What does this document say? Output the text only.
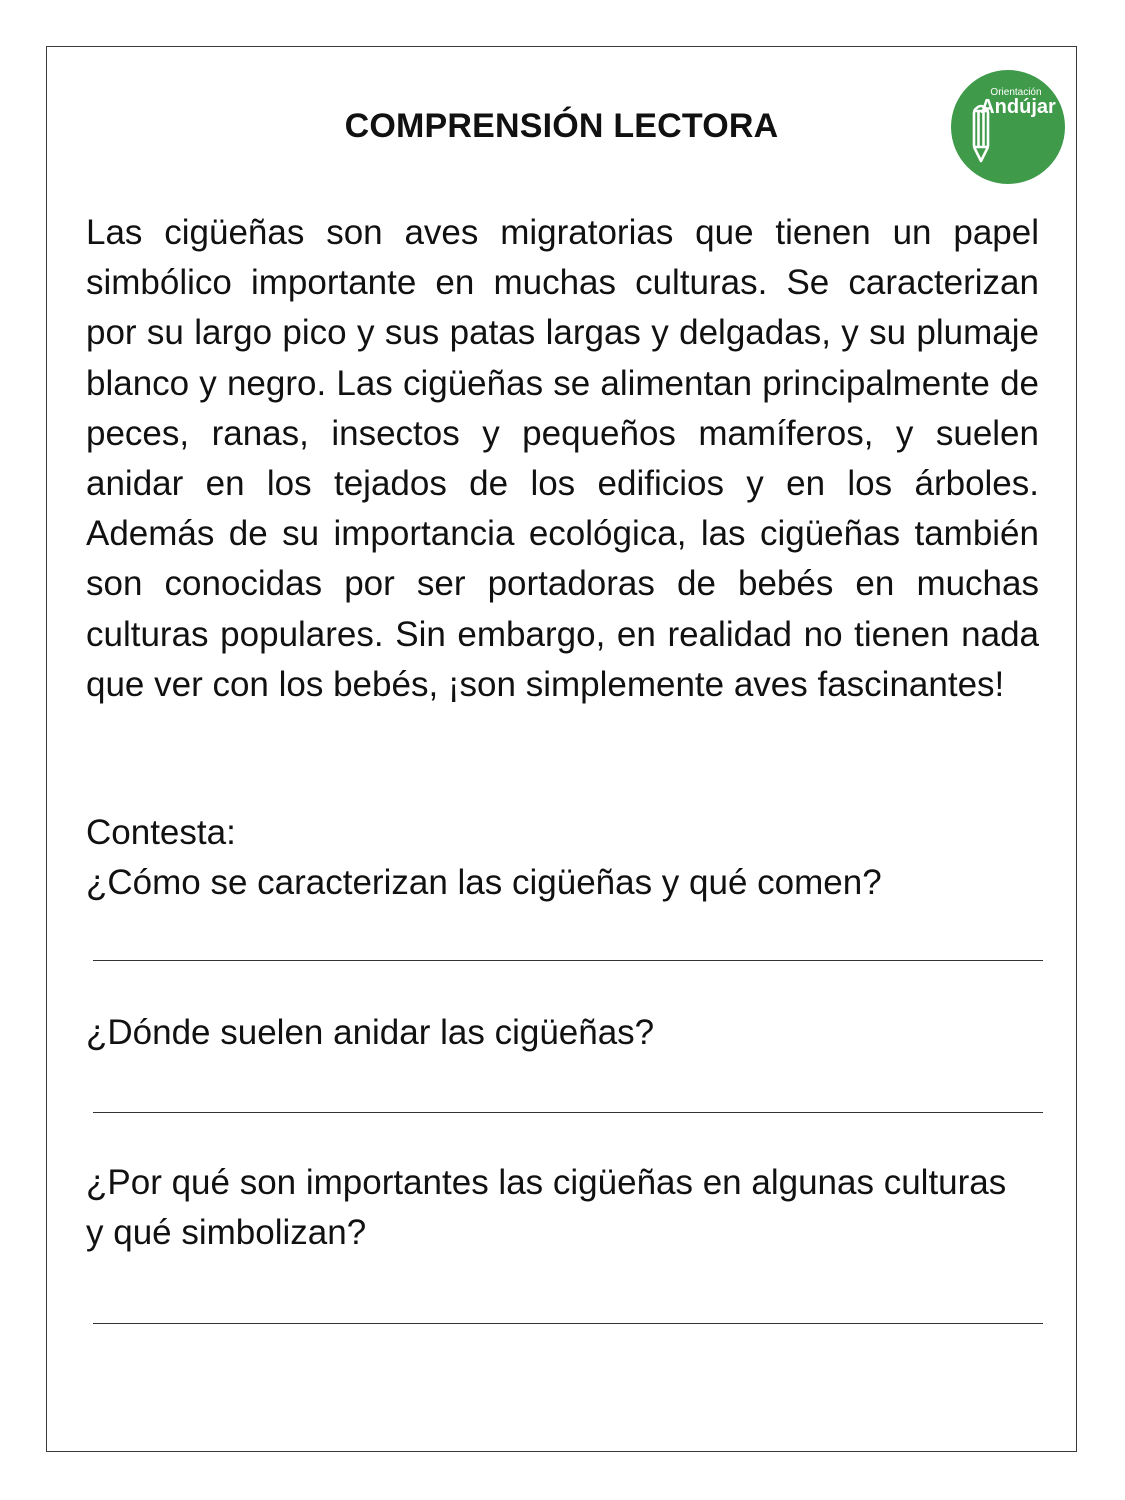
COMPRENSIÓN LECTORA
Orientación
Andújar

Las cigüeñas son aves migratorias que tienen un papel simbólico importante en muchas culturas. Se caracterizan por su largo pico y sus patas largas y delgadas, y su plumaje blanco y negro. Las cigüeñas se alimentan principalmente de peces, ranas, insectos y pequeños mamíferos, y suelen anidar en los tejados de los edificios y en los árboles. Además de su importancia ecológica, las cigüeñas también son conocidas por ser portadoras de bebés en muchas culturas populares. Sin embargo, en realidad no tienen nada que ver con los bebés, ¡son simplemente aves fascinantes!

Contesta:
¿Cómo se caracterizan las cigüeñas y qué comen?
¿Dónde suelen anidar las cigüeñas?
¿Por qué son importantes las cigüeñas en algunas culturas y qué simbolizan?
